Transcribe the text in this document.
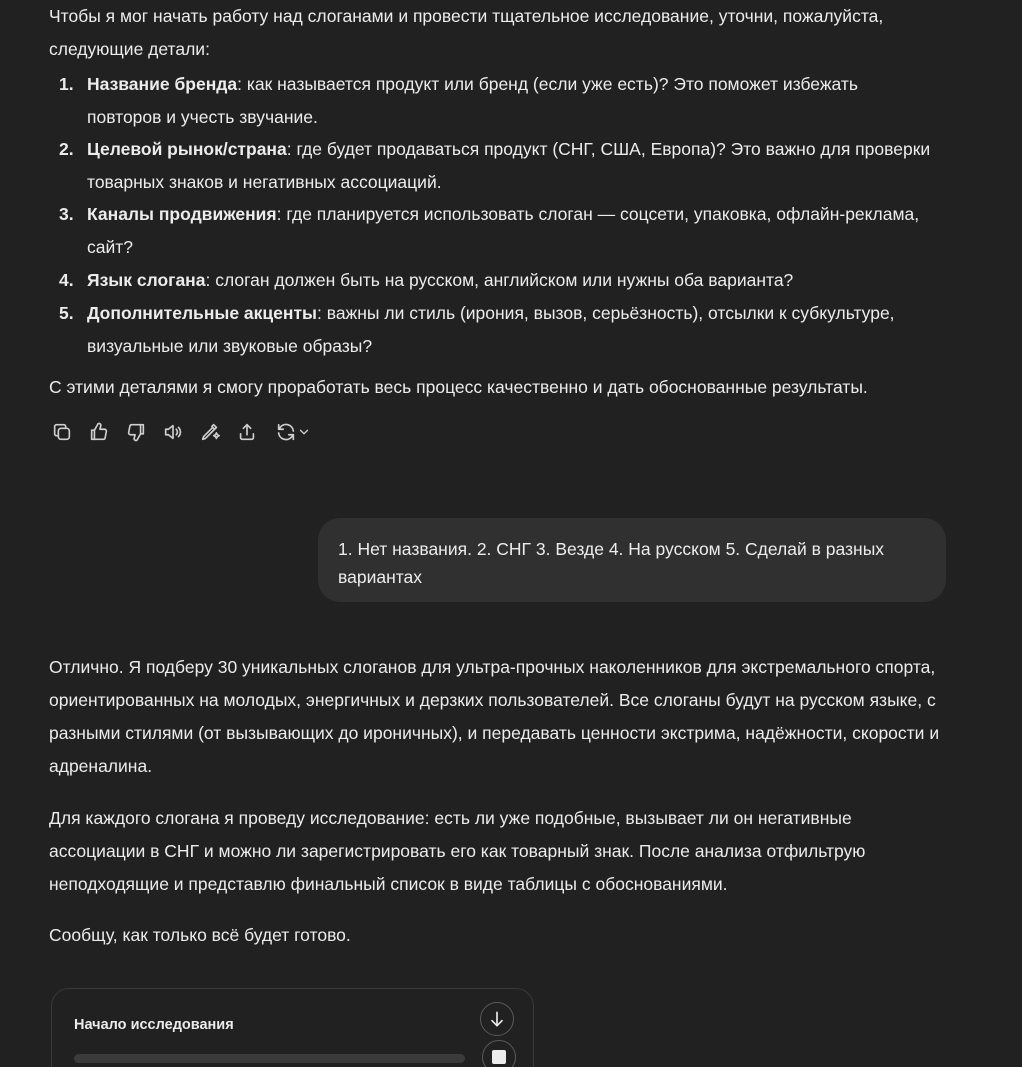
Чтобы я мог начать работу над слоганами и провести тщательное исследование, уточни, пожалуйста, следующие детали:

1. Название бренда: как называется продукт или бренд (если уже есть)? Это поможет избежать повторов и учесть звучание.
2. Целевой рынок/страна: где будет продаваться продукт (СНГ, США, Европа)? Это важно для проверки товарных знаков и негативных ассоциаций.
3. Каналы продвижения: где планируется использовать слоган — соцсети, упаковка, офлайн-реклама, сайт?
4. Язык слогана: слоган должен быть на русском, английском или нужны оба варианта?
5. Дополнительные акценты: важны ли стиль (ирония, вызов, серьёзность), отсылки к субкультуре, визуальные или звуковые образы?

С этими деталями я смогу проработать весь процесс качественно и дать обоснованные результаты.

1. Нет названия. 2. СНГ 3. Везде 4. На русском 5. Сделай в разных вариантах

Отлично. Я подберу 30 уникальных слоганов для ультра-прочных наколенников для экстремального спорта, ориентированных на молодых, энергичных и дерзких пользователей. Все слоганы будут на русском языке, с разными стилями (от вызывающих до ироничных), и передавать ценности экстрима, надёжности, скорости и адреналина.

Для каждого слогана я проведу исследование: есть ли уже подобные, вызывает ли он негативные ассоциации в СНГ и можно ли зарегистрировать его как товарный знак. После анализа отфильтрую неподходящие и представлю финальный список в виде таблицы с обоснованиями.

Сообщу, как только всё будет готово.

Начало исследования
